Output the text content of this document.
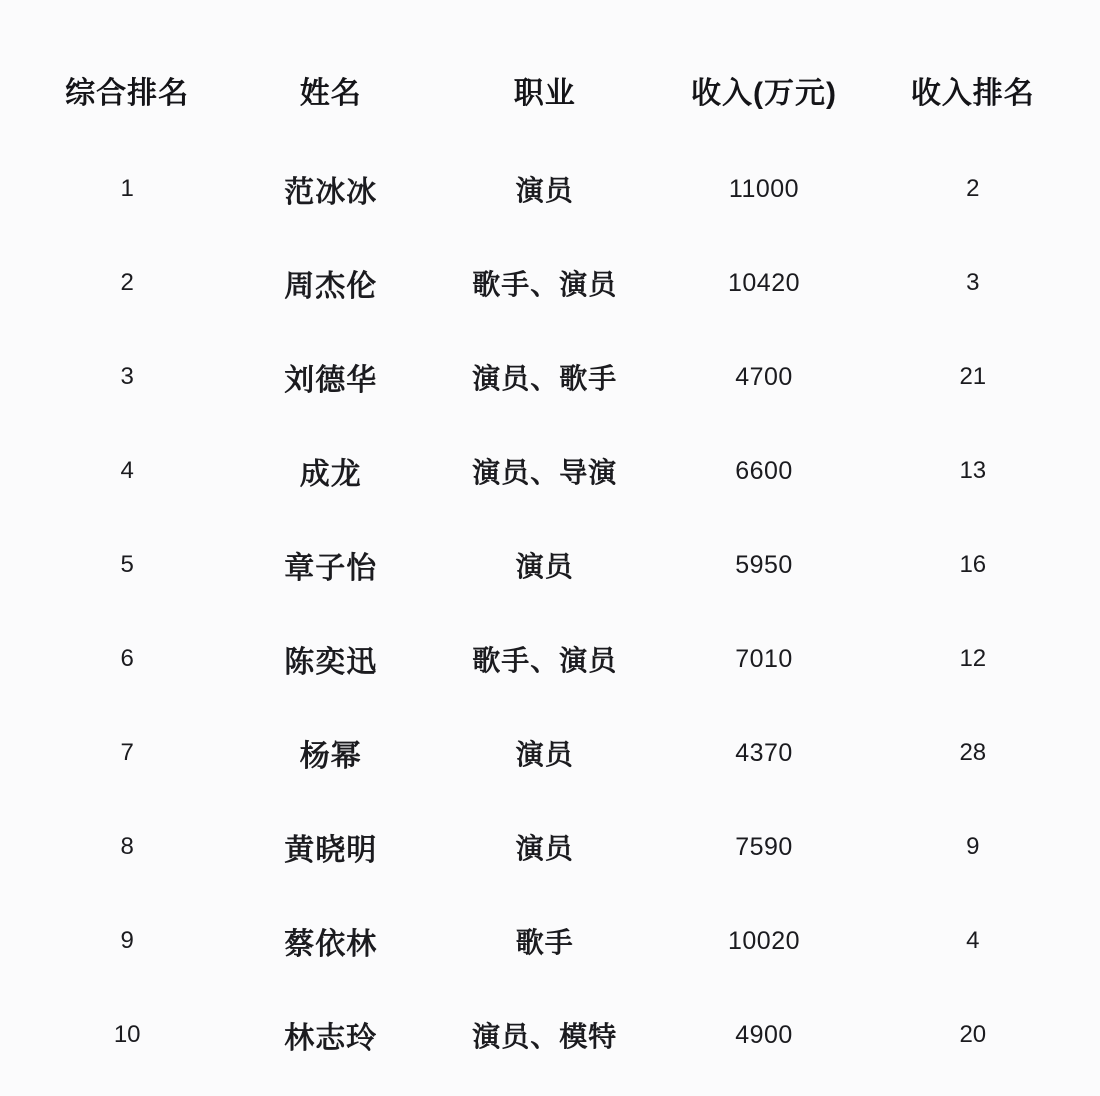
综合排名	姓名	职业	收入(万元)	收入排名
1	范冰冰	演员	11000	2
2	周杰伦	歌手、演员	10420	3
3	刘德华	演员、歌手	4700	21
4	成龙	演员、导演	6600	13
5	章子怡	演员	5950	16
6	陈奕迅	歌手、演员	7010	12
7	杨幂	演员	4370	28
8	黄晓明	演员	7590	9
9	蔡依林	歌手	10020	4
10	林志玲	演员、模特	4900	20
